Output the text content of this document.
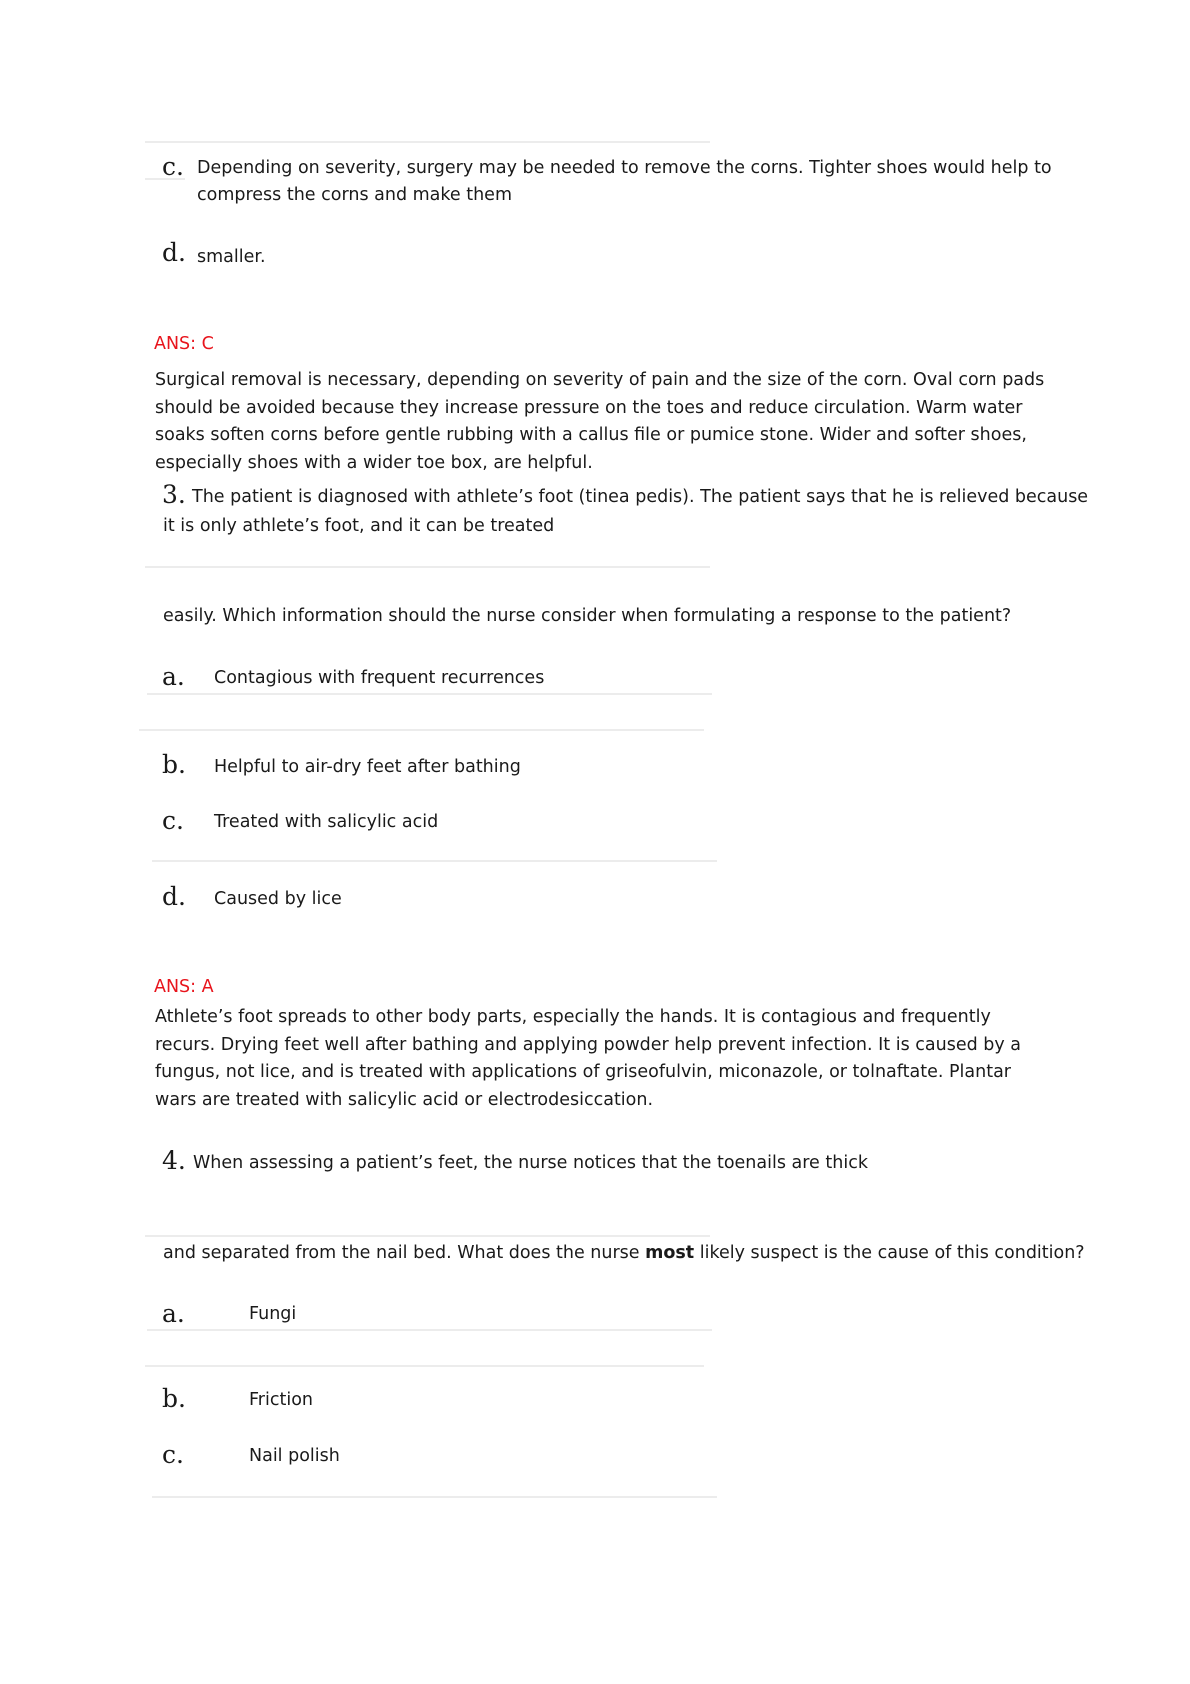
c. Depending on severity, surgery may be needed to remove the corns. Tighter shoes would help to
compress the corns and make them
d. smaller.
ANS: C
Surgical removal is necessary, depending on severity of pain and the size of the corn. Oval corn pads should be avoided because they increase pressure on the toes and reduce circulation. Warm water soaks soften corns before gentle rubbing with a callus file or pumice stone. Wider and softer shoes, especially shoes with a wider toe box, are helpful.
3. The patient is diagnosed with athlete’s foot (tinea pedis). The patient says that he is relieved because
it is only athlete’s foot, and it can be treated
easily. Which information should the nurse consider when formulating a response to the patient?
a. Contagious with frequent recurrences
b. Helpful to air-dry feet after bathing
c. Treated with salicylic acid
d. Caused by lice
ANS: A
Athlete’s foot spreads to other body parts, especially the hands. It is contagious and frequently recurs. Drying feet well after bathing and applying powder help prevent infection. It is caused by a fungus, not lice, and is treated with applications of griseofulvin, miconazole, or tolnaftate. Plantar wars are treated with salicylic acid or electrodesiccation.
4. When assessing a patient’s feet, the nurse notices that the toenails are thick
and separated from the nail bed. What does the nurse most likely suspect is the cause of this condition?
a.	Fungi
b.	Friction
c.	Nail polish
